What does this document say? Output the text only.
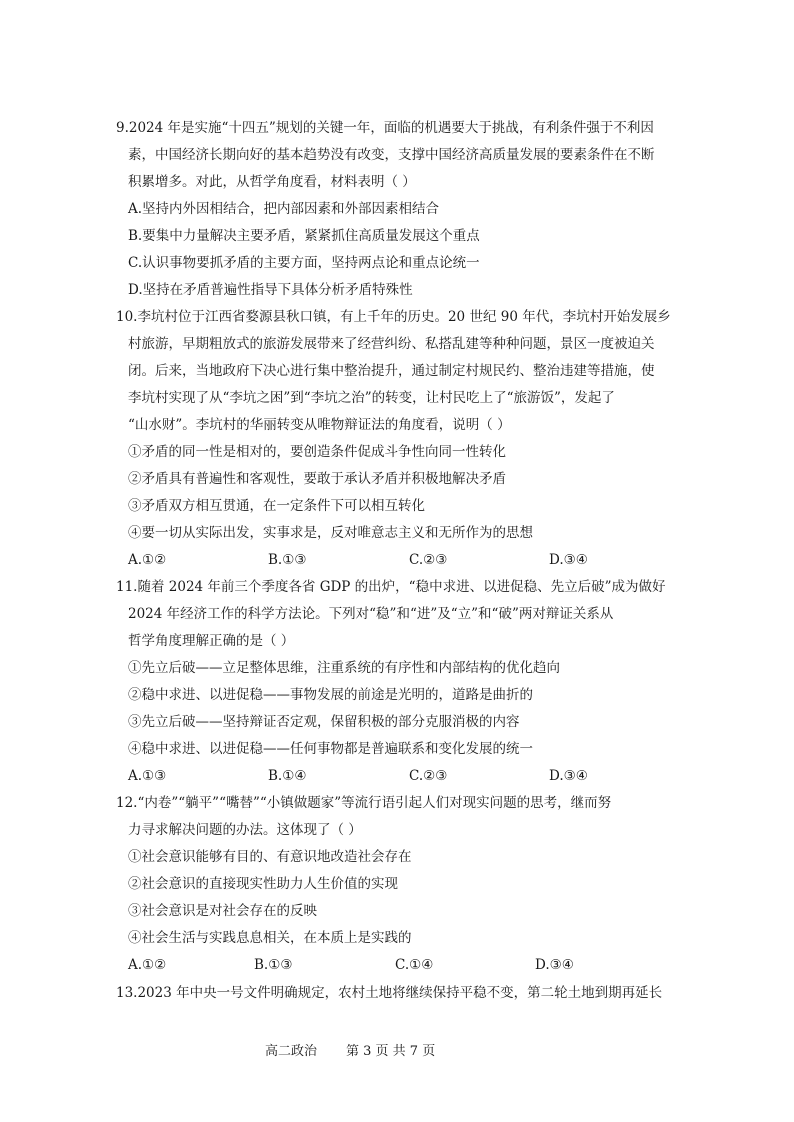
9.2024 年是实施“十四五”规划的关键一年，面临的机遇要大于挑战，有利条件强于不利因
素，中国经济长期向好的基本趋势没有改变，支撑中国经济高质量发展的要素条件在不断
积累增多。对此，从哲学角度看，材料表明（ ）
A.坚持内外因相结合，把内部因素和外部因素相结合
B.要集中力量解决主要矛盾，紧紧抓住高质量发展这个重点
C.认识事物要抓矛盾的主要方面，坚持两点论和重点论统一
D.坚持在矛盾普遍性指导下具体分析矛盾特殊性
10.李坑村位于江西省婺源县秋口镇，有上千年的历史。20 世纪 90 年代，李坑村开始发展乡
村旅游，早期粗放式的旅游发展带来了经营纠纷、私搭乱建等种种问题，景区一度被迫关
闭。后来，当地政府下决心进行集中整治提升，通过制定村规民约、整治违建等措施，使
李坑村实现了从“李坑之困”到“李坑之治”的转变，让村民吃上了“旅游饭”，发起了
“山水财”。李坑村的华丽转变从唯物辩证法的角度看，说明（ ）
①矛盾的同一性是相对的，要创造条件促成斗争性向同一性转化
②矛盾具有普遍性和客观性，要敢于承认矛盾并积极地解决矛盾
③矛盾双方相互贯通，在一定条件下可以相互转化
④要一切从实际出发，实事求是，反对唯意志主义和无所作为的思想
A.①②	B.①③	C.②③	D.③④
11.随着 2024 年前三个季度各省 GDP 的出炉，“稳中求进、以进促稳、先立后破”成为做好
2024 年经济工作的科学方法论。下列对“稳”和“进”及“立”和“破”两对辩证关系从
哲学角度理解正确的是（ ）
①先立后破——立足整体思维，注重系统的有序性和内部结构的优化趋向
②稳中求进、以进促稳——事物发展的前途是光明的，道路是曲折的
③先立后破——坚持辩证否定观，保留积极的部分克服消极的内容
④稳中求进、以进促稳——任何事物都是普遍联系和变化发展的统一
A.①③	B.①④	C.②③	D.③④
12.“内卷”“躺平”“嘴替”“小镇做题家”等流行语引起人们对现实问题的思考，继而努
力寻求解决问题的办法。这体现了（ ）
①社会意识能够有目的、有意识地改造社会存在
②社会意识的直接现实性助力人生价值的实现
③社会意识是对社会存在的反映
④社会生活与实践息息相关，在本质上是实践的
A.①②	B.①③	C.①④	D.③④
13.2023 年中央一号文件明确规定，农村土地将继续保持平稳不变，第二轮土地到期再延长
高二政治 第 3 页 共 7 页
